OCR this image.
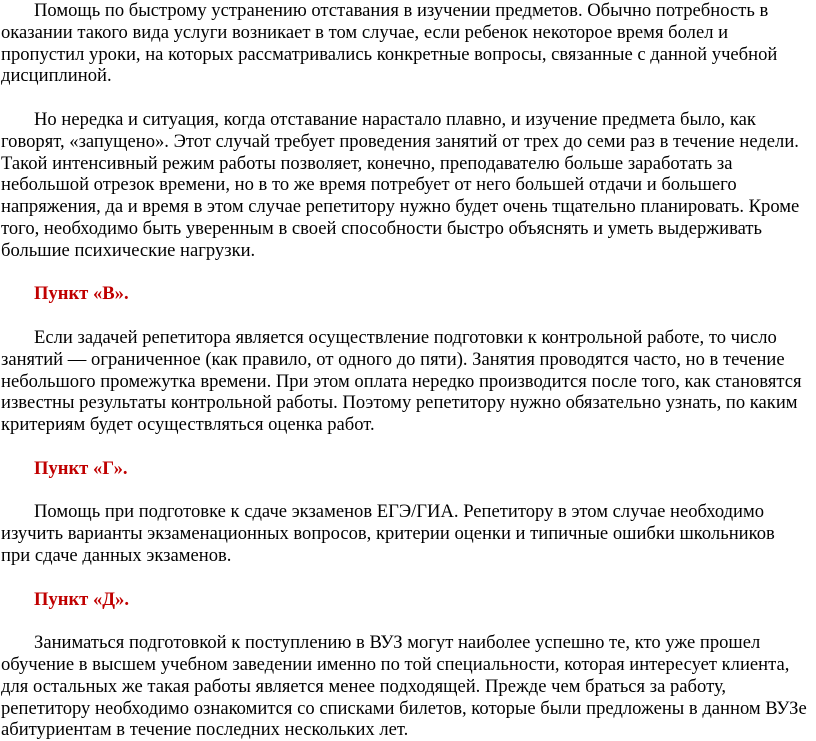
Помощь по быстрому устранению отставания в изучении предметов. Обычно потребность в оказании такого вида услуги возникает в том случае, если ребенок некоторое время болел и пропустил уроки, на которых рассматривались конкретные вопросы, связанные с данной учебной дисциплиной.

Но нередка и ситуация, когда отставание нарастало плавно, и изучение предмета было, как говорят, «запущено». Этот случай требует проведения занятий от трех до семи раз в течение недели. Такой интенсивный режим работы позволяет, конечно, преподавателю больше заработать за небольшой отрезок времени, но в то же время потребует от него большей отдачи и большего напряжения, да и время в этом случае репетитору нужно будет очень тщательно планировать. Кроме того, необходимо быть уверенным в своей способности быстро объяснять и уметь выдерживать большие психические нагрузки.

Пункт «В».

Если задачей репетитора является осуществление подготовки к контрольной работе, то число занятий — ограниченное (как правило, от одного до пяти). Занятия проводятся часто, но в течение небольшого промежутка времени. При этом оплата нередко производится после того, как становятся известны результаты контрольной работы. Поэтому репетитору нужно обязательно узнать, по каким критериям будет осуществляться оценка работ.

Пункт «Г».

Помощь при подготовке к сдаче экзаменов ЕГЭ/ГИА. Репетитору в этом случае необходимо изучить варианты экзаменационных вопросов, критерии оценки и типичные ошибки школьников при сдаче данных экзаменов.

Пункт «Д».

Заниматься подготовкой к поступлению в ВУЗ могут наиболее успешно те, кто уже прошел обучение в высшем учебном заведении именно по той специальности, которая интересует клиента, для остальных же такая работы является менее подходящей. Прежде чем браться за работу, репетитору необходимо ознакомится со списками билетов, которые были предложены в данном ВУЗе абитуриентам в течение последних нескольких лет.
